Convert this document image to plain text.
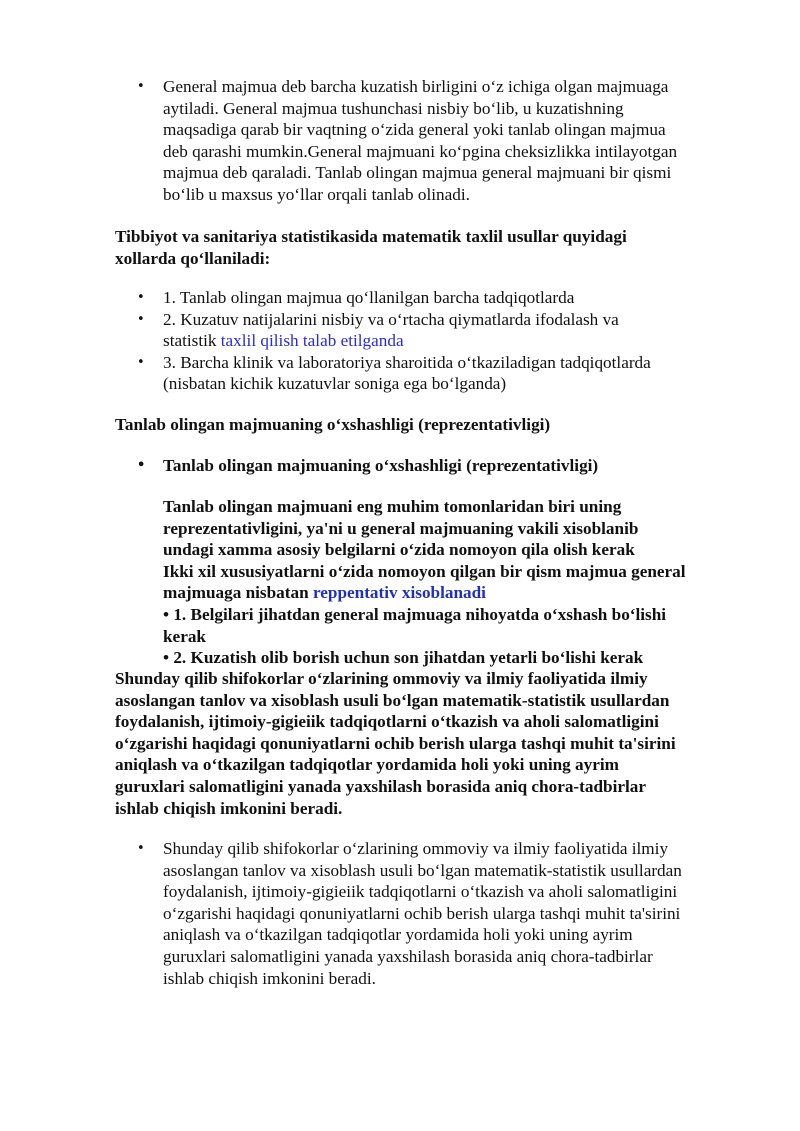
• General majmua deb barcha kuzatish birligini oʻz ichiga olgan majmuaga
aytiladi. General majmua tushunchasi nisbiy boʻlib, u kuzatishning
maqsadiga qarab bir vaqtning oʻzida general yoki tanlab olingan majmua
deb qarashi mumkin.General majmuani koʻpgina cheksizlikka intilayotgan
majmua deb qaraladi. Tanlab olingan majmua general majmuani bir qismi
boʻlib u maxsus yoʻllar orqali tanlab olinadi.
Tibbiyot va sanitariya statistikasida matematik taxlil usullar quyidagi
xollarda qoʻllaniladi:
• 1. Tanlab olingan majmua qoʻllanilgan barcha tadqiqotlarda
• 2. Kuzatuv natijalarini nisbiy va oʻrtacha qiymatlarda ifodalash va
statistik taxlil qilish talab etilganda
• 3. Barcha klinik va laboratoriya sharoitida oʻtkaziladigan tadqiqotlarda
(nisbatan kichik kuzatuvlar soniga ega boʻlganda)
Tanlab olingan majmuaning oʻxshashligi (reprezentativligi)
• Tanlab olingan majmuaning oʻxshashligi (reprezentativligi)
Tanlab olingan majmuani eng muhim tomonlaridan biri uning
reprezentativligini, ya'ni u general majmuaning vakili xisoblanib
undagi xamma asosiy belgilarni oʻzida nomoyon qila olish kerak
Ikki xil xususiyatlarni oʻzida nomoyon qilgan bir qism majmua general
majmuaga nisbatan reppentativ xisoblanadi
• 1. Belgilari jihatdan general majmuaga nihoyatda oʻxshash boʻlishi
kerak
• 2. Kuzatish olib borish uchun son jihatdan yetarli boʻlishi kerak
Shunday qilib shifokorlar oʻzlarining ommoviy va ilmiy faoliyatida ilmiy
asoslangan tanlov va xisoblash usuli boʻlgan matematik-statistik usullardan
foydalanish, ijtimoiy-gigieiik tadqiqotlarni oʻtkazish va aholi salomatligini
oʻzgarishi haqidagi qonuniyatlarni ochib berish ularga tashqi muhit ta'sirini
aniqlash va oʻtkazilgan tadqiqotlar yordamida holi yoki uning ayrim
guruxlari salomatligini yanada yaxshilash borasida aniq chora-tadbirlar
ishlab chiqish imkonini beradi.
• Shunday qilib shifokorlar oʻzlarining ommoviy va ilmiy faoliyatida ilmiy
asoslangan tanlov va xisoblash usuli boʻlgan matematik-statistik usullardan
foydalanish, ijtimoiy-gigieiik tadqiqotlarni oʻtkazish va aholi salomatligini
oʻzgarishi haqidagi qonuniyatlarni ochib berish ularga tashqi muhit ta'sirini
aniqlash va oʻtkazilgan tadqiqotlar yordamida holi yoki uning ayrim
guruxlari salomatligini yanada yaxshilash borasida aniq chora-tadbirlar
ishlab chiqish imkonini beradi.
